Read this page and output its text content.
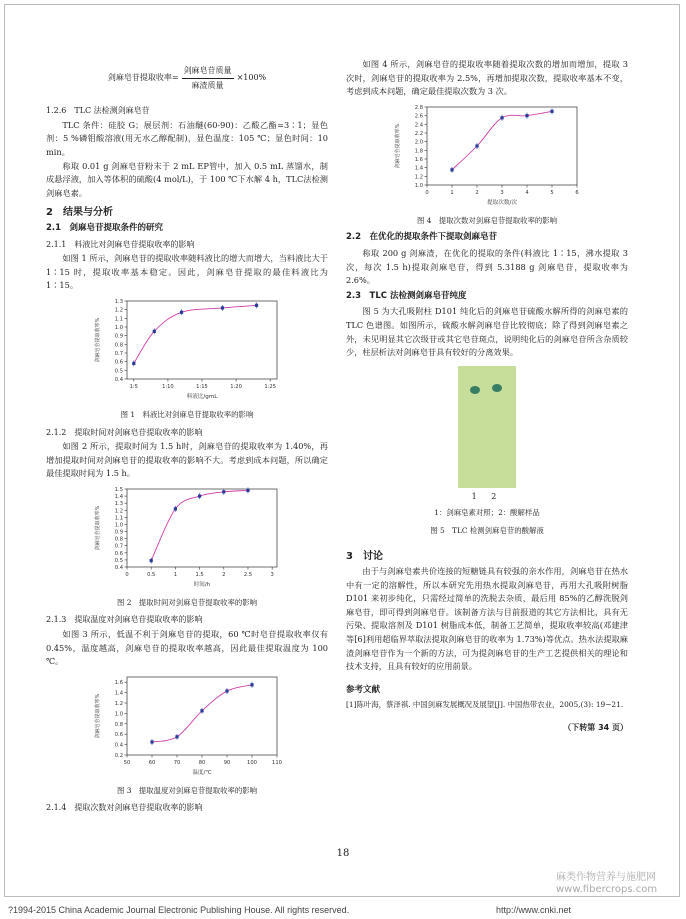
剑麻皂苷提取收率= $\frac{\text{剑麻皂苷质量}}{\text{麻渣质量}} \times 100\%$
1.2.6　TLC 法检测剑麻皂苷

TLC 条件：硅胶 G；展层剂：石油醚(60-90)：乙酸乙酯=3∶1；显色剂：5 %磷钼酸溶液(用无水乙醇配制)，显色温度：105 ℃；显色时间：10 min。

称取 0.01 g 剑麻皂苷粉末于 2 mL EP管中，加入 0.5 mL 蒸馏水，制成悬浮液，加入等体积的硫酸(4 mol/L)，于 100 ℃下水解 4 h，TLC法检测剑麻皂素。

2　结果与分析
2.1　剑麻皂苷提取条件的研究
2.1.1　料液比对剑麻皂苷提取收率的影响

如图 1 所示，剑麻皂苷的提取收率随料液比的增大而增大，当料液比大于 1∶15 时，提取收率基本稳定。因此，剑麻皂苷提取的最佳料液比为 1∶15。

0.4
0.5
0.6
0.7
0.8
0.9
1.0
1.1
1.2
1.3
1:5	1:10	1:15	1:20	1:25
料液比/gmL
剑麻皂苷提取收率%
图 1　料液比对剑麻皂苷提取收率的影响
2.1.2　提取时间对剑麻皂苷提取收率的影响

如图 2 所示，提取时间为 1.5 h时，剑麻皂苷的提取收率为 1.40%，再增加提取时间对剑麻皂苷的提取收率的影响不大。考虑到成本问题，所以确定最佳提取时间为 1.5 h。

0.4
0.5
0.6
0.7
0.8
0.9
1.0
1.1
1.2
1.3
1.4
1.5
0	0.5	1	1.5	2	2.5	3
时间/h
剑麻皂苷提取收率%
图 2　提取时间对剑麻皂苷提取收率的影响
2.1.3　提取温度对剑麻皂苷提取收率的影响

如图 3 所示，低温不利于剑麻皂苷的提取，60 ℃时皂苷提取收率仅有 0.45%，温度越高，剑麻皂苷的提取收率越高，因此最佳提取温度为 100 ℃。

0.2
0.4
0.6
0.8
1.0
1.2
1.4
1.6
50	60	70	80	90	100	110
温度/℃
剑麻皂苷提取收率%
图 3　提取温度对剑麻皂苷提取收率的影响
2.1.4　提取次数对剑麻皂苷提取收率的影响

如图 4 所示，剑麻皂苷的提取收率随着提取次数的增加而增加，提取 3 次时，剑麻皂苷的提取收率为 2.5%，再增加提取次数，提取收率基本不变，考虑到成本问题，确定最佳提取次数为 3 次。

1.0
1.2
1.4
1.6
1.8
2.0
2.2
2.4
2.6
2.8
0	1	2	3	4	5	6
提取次数/次
剑麻皂苷提取收率%
图 4　提取次数对剑麻皂苷提取收率的影响
2.2　在优化的提取条件下提取剑麻皂苷

称取 200 g 剑麻渣，在优化的提取的条件(料液比 1∶15，沸水提取 3 次，每次 1.5 h)提取剑麻皂苷，得到 5.3188 g 剑麻皂苷，提取收率为 2.6%。

2.3　TLC 法检测剑麻皂苷纯度

图 5 为大孔吸附柱 D101 纯化后的剑麻皂苷硫酸水解所得的剑麻皂素的 TLC 色谱图。如图所示，硫酸水解剑麻皂苷比较彻底；除了得到剑麻皂素之外，未见明显其它次级苷或其它皂苷斑点，说明纯化后的剑麻皂苷所含杂质较少，柱层析法对剑麻皂苷具有较好的分离效果。

1 2
1：剑麻皂素对照；2：酸解样品
图 5　TLC 检测剑麻皂苷的酸解液
3　讨论

由于与剑麻皂素共价连接的短糖链具有较强的亲水作用，剑麻皂苷在热水中有一定的溶解性，所以本研究先用热水提取剑麻皂苷，再用大孔吸附树脂 D101 来初步纯化，只需经过简单的洗脱去杂质，最后用 85%的乙醇洗脱剑麻皂苷，即可得到剑麻皂苷。该制备方法与目前报道的其它方法相比，具有无污染、提取溶剂及 D101 树脂成本低，制备工艺简单，提取收率较高(邓建津等[6]利用超临界萃取法提取剑麻皂苷的收率为 1.73%)等优点。热水法提取麻渣剑麻皂苷作为一个新的方法，可为提剑麻皂苷的生产工艺提供相关的理论和技术支持，且具有较好的应用前景。

参考文献

[1]陈叶海，蔡泽祺. 中国剑麻发展概况及展望[J]. 中国热带农业，2005,(3): 19−21.

（下转第 34 页）
18
?1994-2015 China Academic Journal Electronic Publishing House. All rights reserved.	http://www.cnki.net
麻类作物营养与施肥网
www.fibercrops.com
